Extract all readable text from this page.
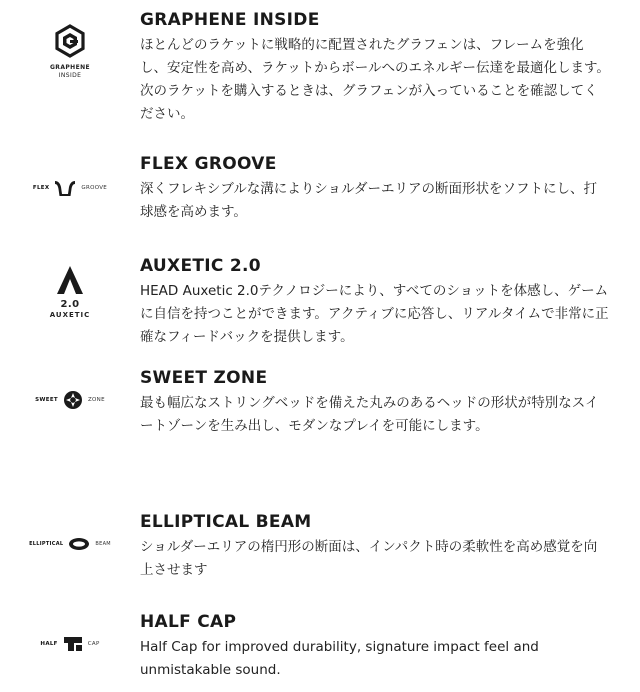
GRAPHENE
INSIDE
GRAPHENE INSIDE

ほとんどのラケットに戦略的に配置されたグラフェンは、フレームを強化し、安定性を高め、ラケットからボールへのエネルギー伝達を最適化します。次のラケットを購入するときは、グラフェンが入っていることを確認してください。

FLEX	GROOVE
FLEX GROOVE

深くフレキシブルな溝によりショルダーエリアの断面形状をソフトにし、打球感を高めます。

2.0
AUXETIC
AUXETIC 2.0

HEAD Auxetic 2.0テクノロジーにより、すべてのショットを体感し、ゲームに自信を持つことができます。アクティブに応答し、リアルタイムで非常に正確なフィードバックを提供します。

SWEET	ZONE
SWEET ZONE

最も幅広なストリングベッドを備えた丸みのあるヘッドの形状が特別なスイートゾーンを生み出し、モダンなプレイを可能にします。

ELLIPTICAL	BEAM
ELLIPTICAL BEAM

ショルダーエリアの楕円形の断面は、インパクト時の柔軟性を高め感覚を向上させます

HALF	CAP
HALF CAP

Half Cap for improved durability, signature impact feel and unmistakable sound.
